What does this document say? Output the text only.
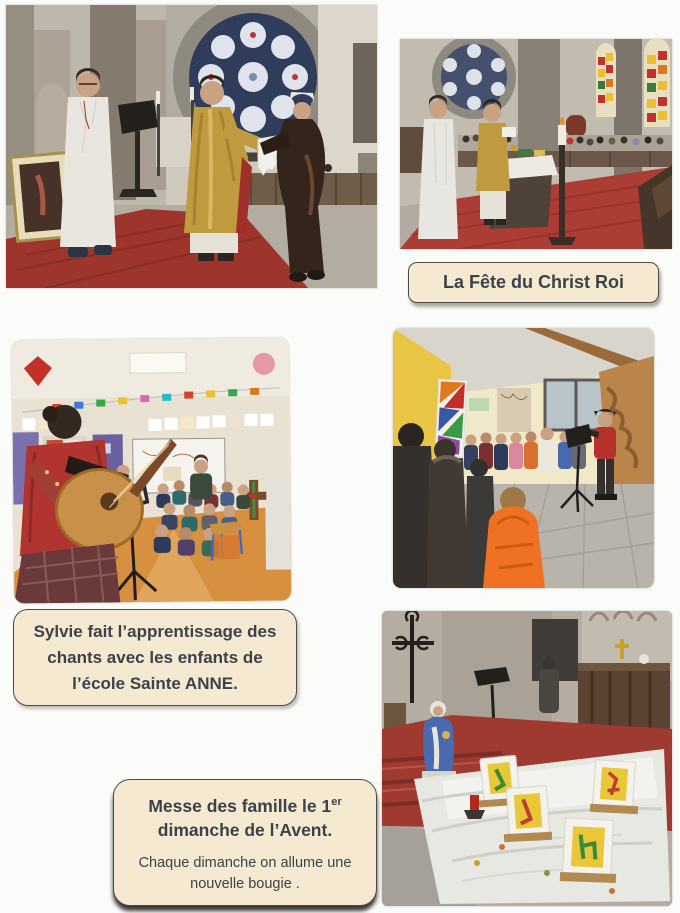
La Fête du Christ Roi
Sylvie fait l’apprentissage des
chants avec les enfants de
l’école Sainte ANNE.
Messe des famille le 1er
dimanche de l’Avent.
Chaque dimanche on allume une
nouvelle bougie .
